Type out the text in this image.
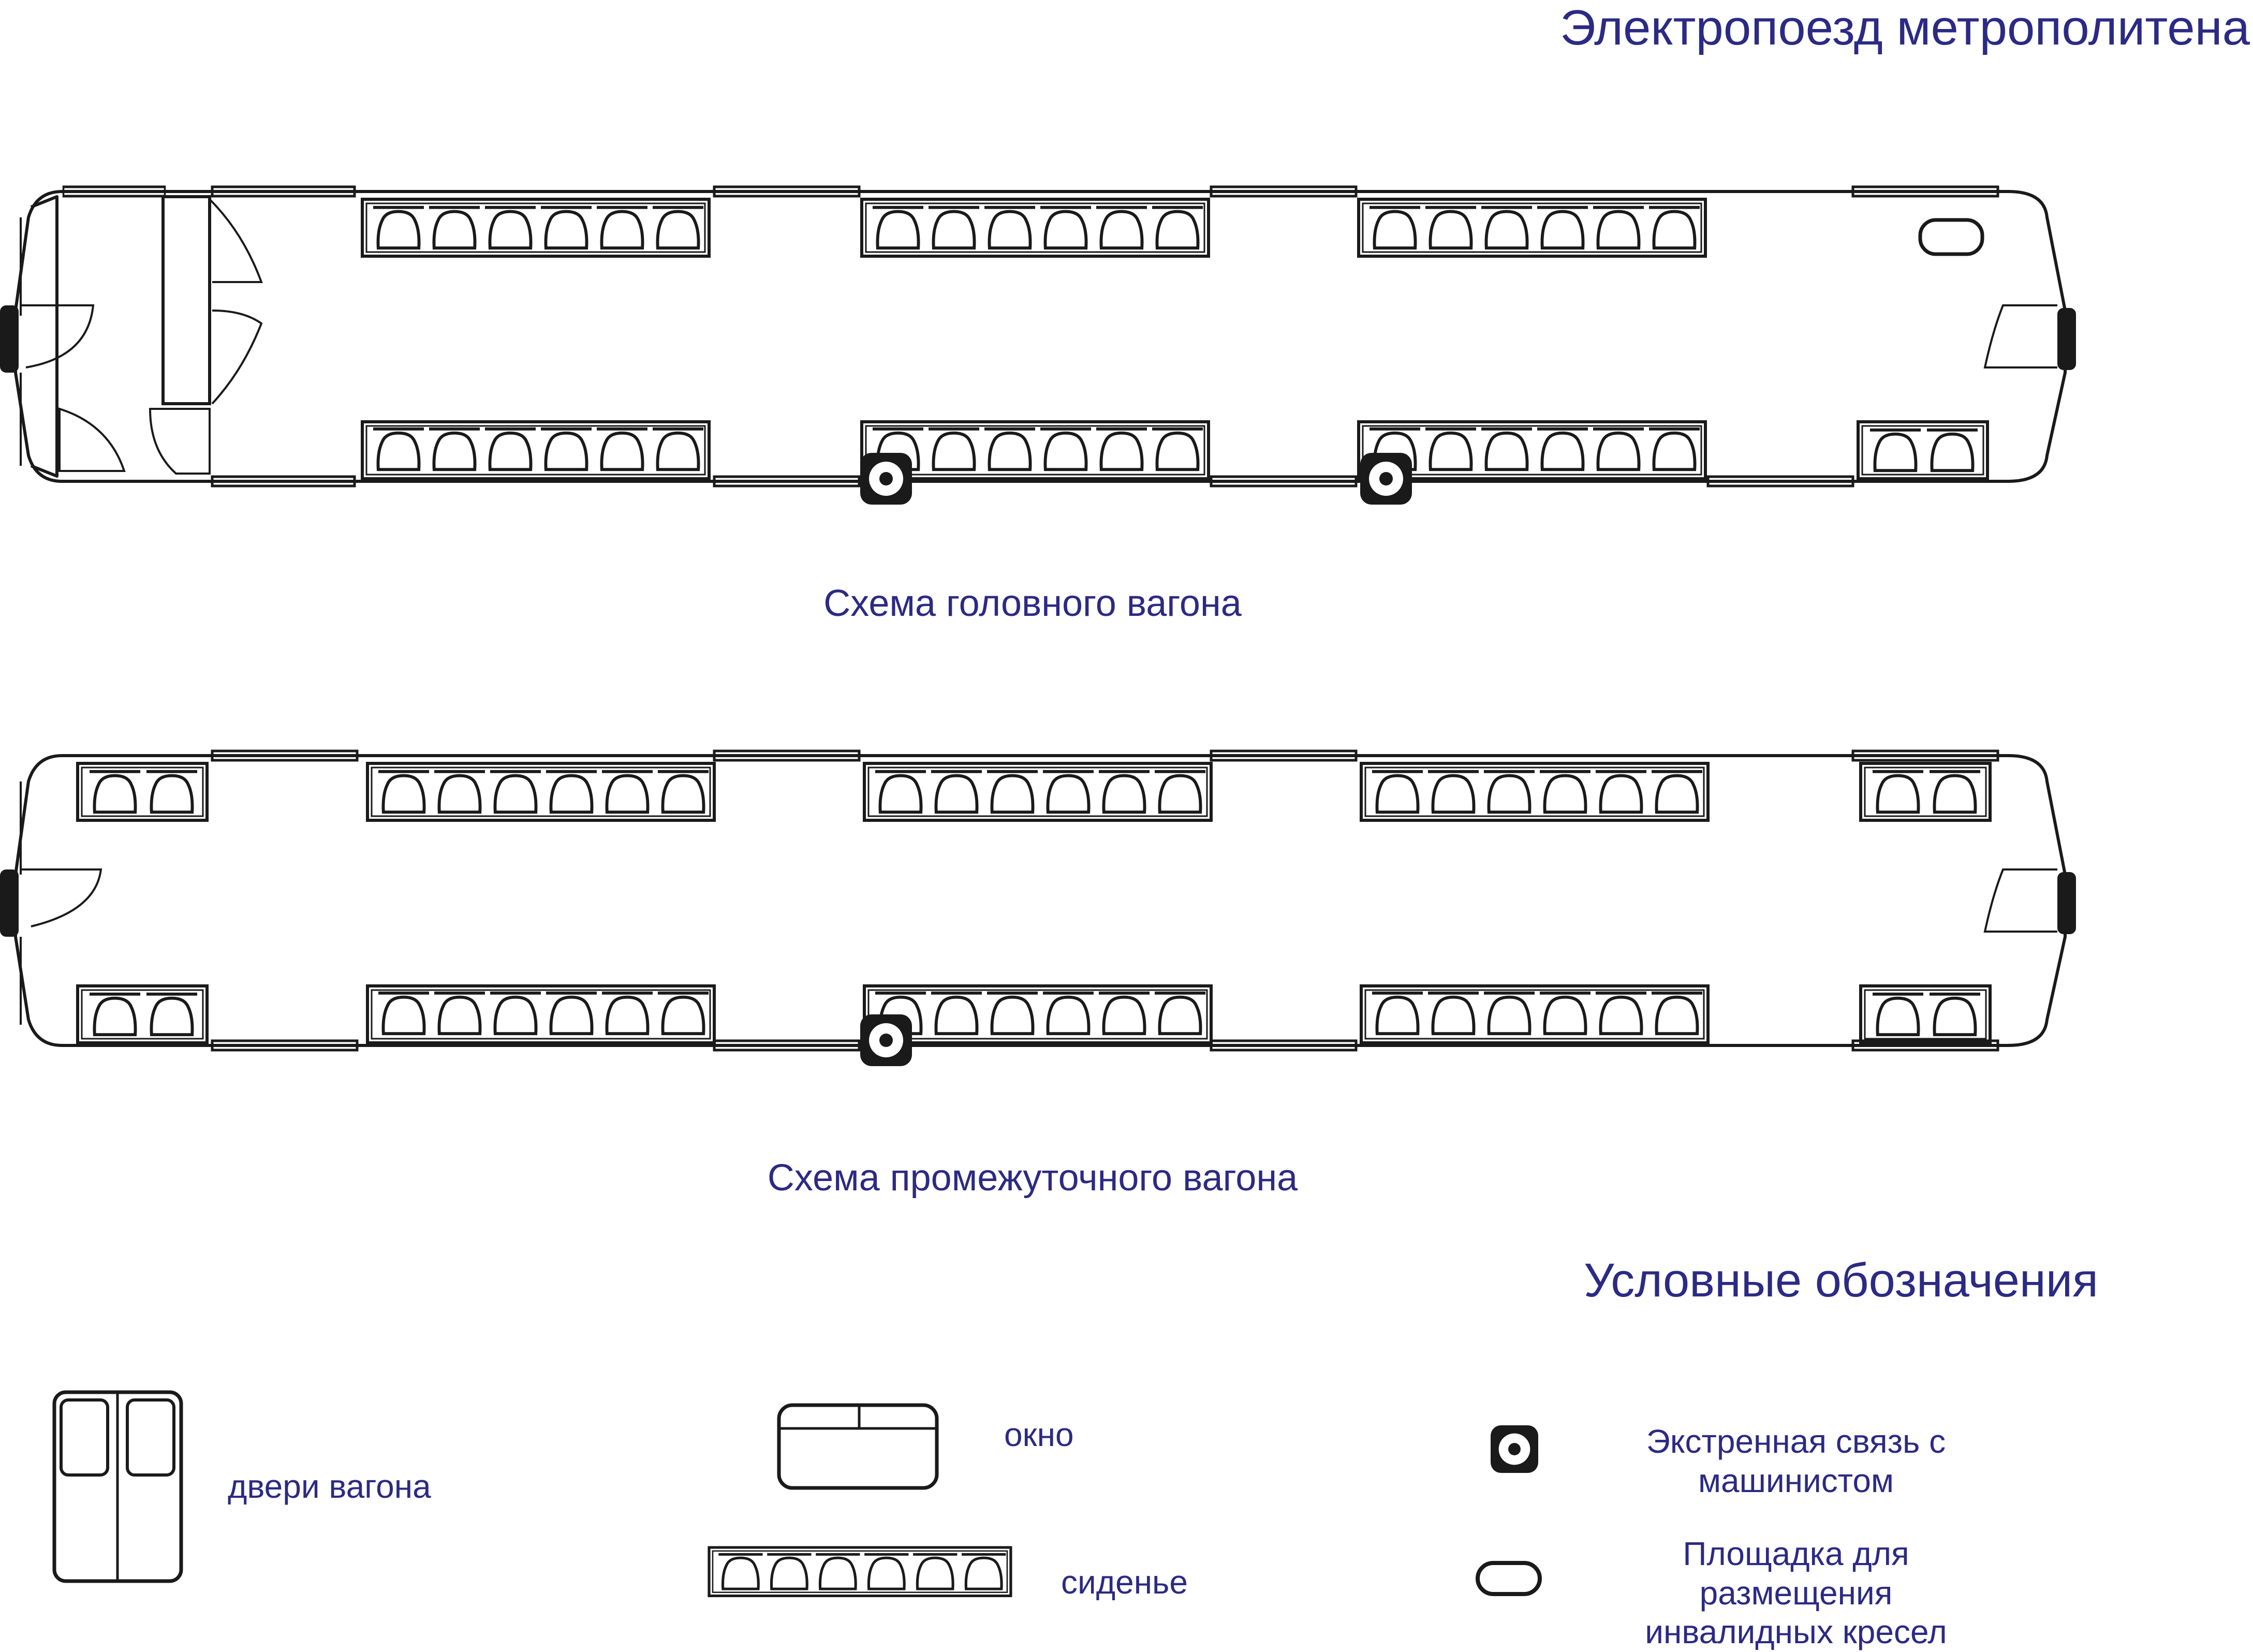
Электропоезд метрополитена
Схема головного вагона
Схема промежуточного вагона
Условные обозначения
двери вагона
окно
сиденье
Экстренная связь с машинистом
Площадка для размещения инвалидных кресел
